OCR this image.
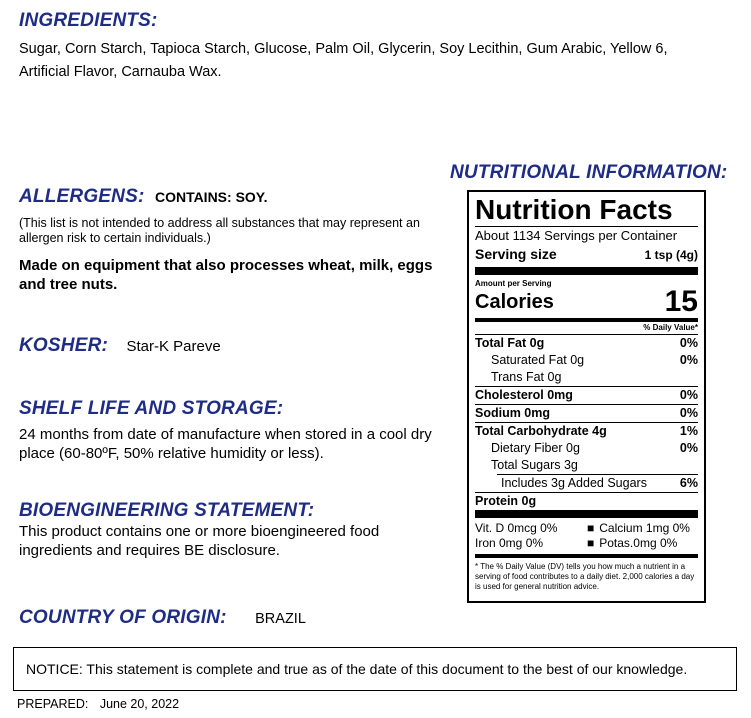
INGREDIENTS:
Sugar, Corn Starch, Tapioca Starch, Glucose, Palm Oil, Glycerin, Soy Lecithin, Gum Arabic, Yellow 6,
Artificial Flavor, Carnauba Wax.
NUTRITIONAL INFORMATION:
ALLERGENS: CONTAINS: SOY.
(This list is not intended to address all substances that may represent an allergen risk to certain individuals.)
Made on equipment that also processes wheat, milk, eggs and tree nuts.
KOSHER: Star-K Pareve
SHELF LIFE AND STORAGE:
24 months from date of manufacture when stored in a cool dry place (60-80ºF, 50% relative humidity or less).
BIOENGINEERING STATEMENT:
This product contains one or more bioengineered food ingredients and requires BE disclosure.
COUNTRY OF ORIGIN: BRAZIL
Nutrition Facts
About 1134 Servings per Container
Serving size	1 tsp (4g)
Amount per Serving
Calories	15
% Daily Value*
Total Fat 0g	0%
Saturated Fat 0g	0%
Trans Fat 0g
Cholesterol 0mg	0%
Sodium 0mg	0%
Total Carbohydrate 4g	1%
Dietary Fiber 0g	0%
Total Sugars 3g
Includes 3g Added Sugars	6%
Protein 0g
Vit. D 0mcg 0%	■ Calcium 1mg 0%
Iron 0mg 0%	■ Potas.0mg 0%
* The % Daily Value (DV) tells you how much a nutrient in a serving of food contributes to a daily diet. 2,000 calories a day is used for general nutrition advice.
NOTICE: This statement is complete and true as of the date of this document to the best of our knowledge.
PREPARED: June 20, 2022
